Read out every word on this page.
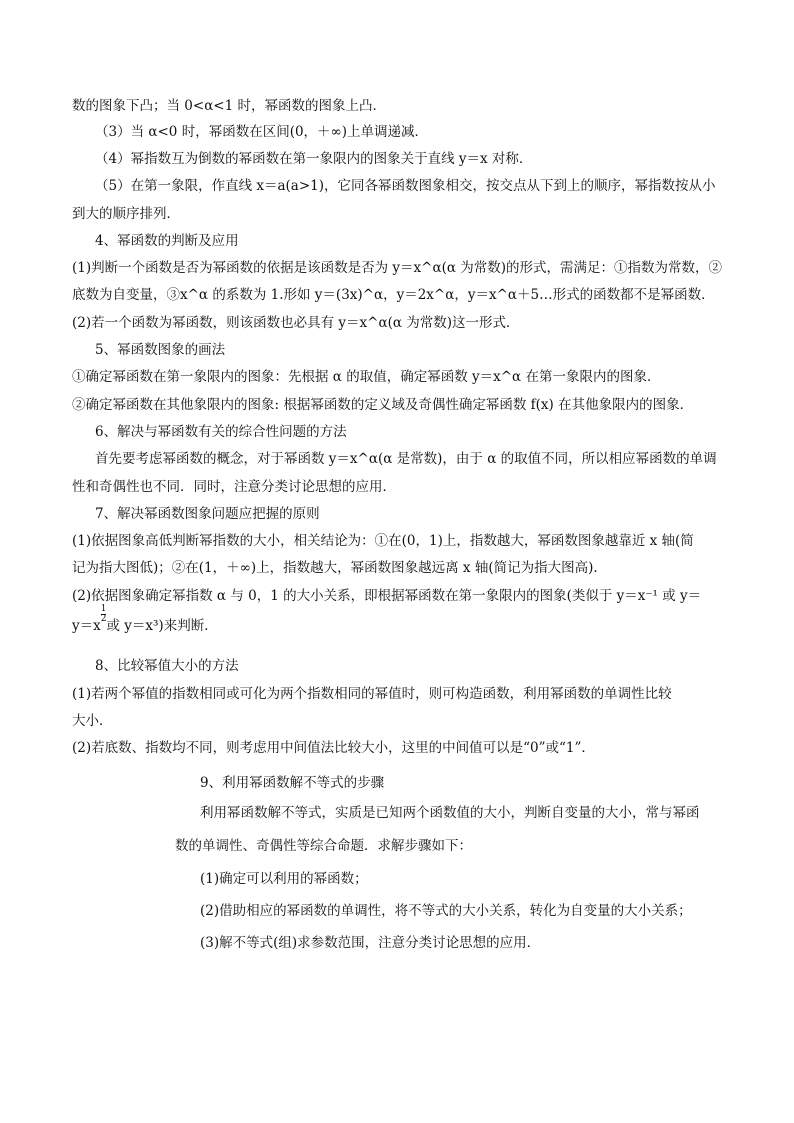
数的图象下凸；当 0<α<1 时，幂函数的图象上凸．
（3）当 α<0 时，幂函数在区间(0，＋∞)上单调递减．
（4）幂指数互为倒数的幂函数在第一象限内的图象关于直线 y＝x 对称．
（5）在第一象限，作直线 x＝a(a>1)，它同各幂函数图象相交，按交点从下到上的顺序，幂指数按从小
到大的顺序排列．
4、幂函数的判断及应用
(1)判断一个函数是否为幂函数的依据是该函数是否为 y＝x^α(α 为常数)的形式，需满足：①指数为常数，②
底数为自变量，③x^α 的系数为 1.形如 y＝(3x)^α，y＝2x^α，y＝x^α＋5…形式的函数都不是幂函数．
(2)若一个函数为幂函数，则该函数也必具有 y＝x^α(α 为常数)这一形式．
5、幂函数图象的画法
①确定幂函数在第一象限内的图象：先根据 α 的取值，确定幂函数 y＝x^α 在第一象限内的图象．
②确定幂函数在其他象限内的图象: 根据幂函数的定义域及奇偶性确定幂函数 f(x) 在其他象限内的图象．
6、解决与幂函数有关的综合性问题的方法
首先要考虑幂函数的概念，对于幂函数 y＝x^α(α 是常数)，由于 α 的取值不同，所以相应幂函数的单调
性和奇偶性也不同．同时，注意分类讨论思想的应用．
7、解决幂函数图象问题应把握的原则
(1)依据图象高低判断幂指数的大小，相关结论为：①在(0，1)上，指数越大，幂函数图象越靠近 x 轴(简
记为指大图低)；②在(1，＋∞)上，指数越大，幂函数图象越远离 x 轴(简记为指大图高).
(2)依据图象确定幂指数 α 与 0，1 的大小关系，即根据幂函数在第一象限内的图象(类似于 y＝x⁻¹ 或 y＝
y＝x
$\frac{1}{2}$
或 y＝x³)来判断．
8、比较幂值大小的方法
(1)若两个幂值的指数相同或可化为两个指数相同的幂值时，则可构造函数，利用幂函数的单调性比较
大小．
(2)若底数、指数均不同，则考虑用中间值法比较大小，这里的中间值可以是“0”或“1”．
9、利用幂函数解不等式的步骤
利用幂函数解不等式，实质是已知两个函数值的大小，判断自变量的大小，常与幂函
数的单调性、奇偶性等综合命题．求解步骤如下：
(1)确定可以利用的幂函数；
(2)借助相应的幂函数的单调性，将不等式的大小关系，转化为自变量的大小关系；
(3)解不等式(组)求参数范围，注意分类讨论思想的应用．
